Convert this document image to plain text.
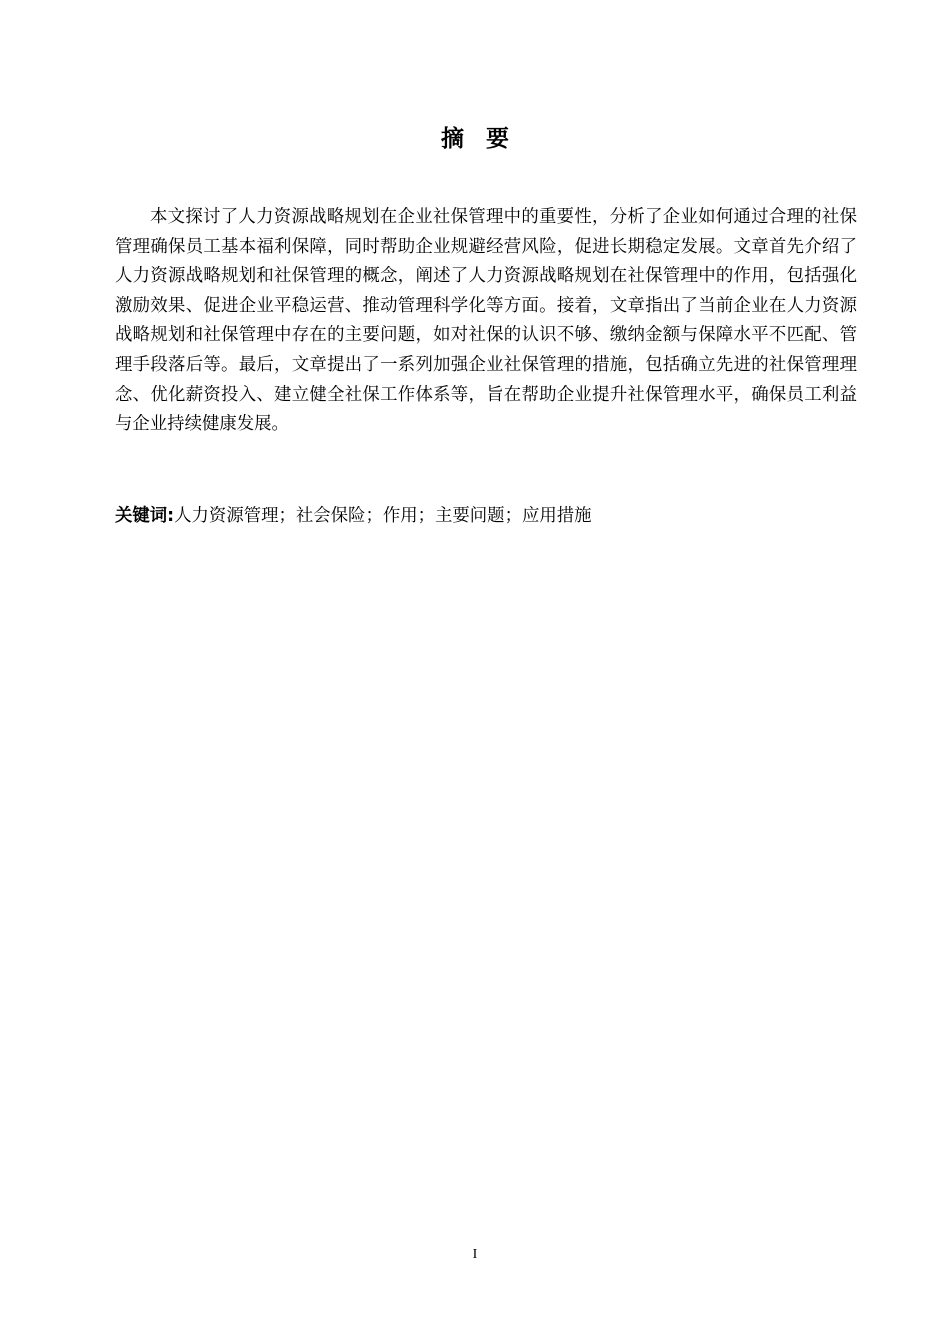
摘要

本文探讨了人力资源战略规划在企业社保管理中的重要性，分析了企业如何通过合理的社保管理确保员工基本福利保障，同时帮助企业规避经营风险，促进长期稳定发展。文章首先介绍了人力资源战略规划和社保管理的概念，阐述了人力资源战略规划在社保管理中的作用，包括强化激励效果、促进企业平稳运营、推动管理科学化等方面。接着，文章指出了当前企业在人力资源战略规划和社保管理中存在的主要问题，如对社保的认识不够、缴纳金额与保障水平不匹配、管理手段落后等。最后，文章提出了一系列加强企业社保管理的措施，包括确立先进的社保管理理念、优化薪资投入、建立健全社保工作体系等，旨在帮助企业提升社保管理水平，确保员工利益与企业持续健康发展。

关键词:人力资源管理；社会保险；作用；主要问题；应用措施
I
